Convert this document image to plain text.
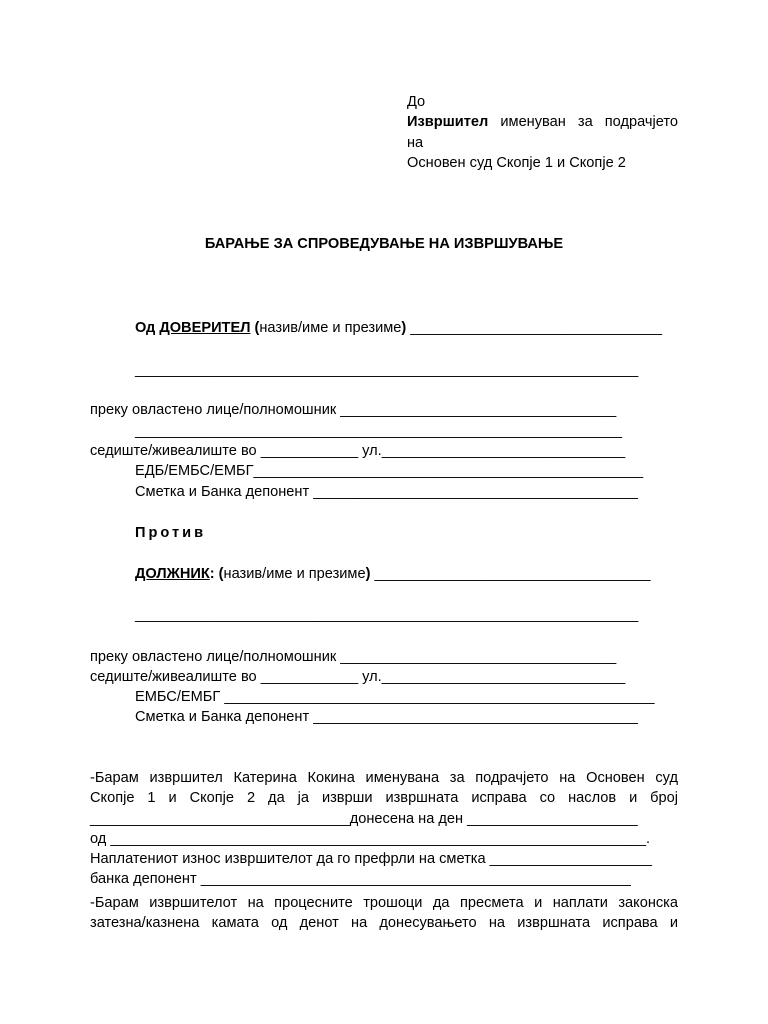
До
Извршител именуван за подрачјето
на
Основен суд Скопје 1 и Скопје 2
БАРАЊЕ ЗА СПРОВЕДУВАЊЕ НА ИЗВРШУВАЊЕ
Од ДОВЕРИТЕЛ (назив/име и презиме) _______________________________
______________________________________________________________
преку овластено лице/полномошник __________________________________
____________________________________________________________
седиште/живеалиште во ____________ ул.______________________________
ЕДБ/ЕМБС/ЕМБГ________________________________________________
Сметка и Банка депонент ________________________________________
Против
ДОЛЖНИК: (назив/име и презиме) __________________________________
______________________________________________________________
преку овластено лице/полномошник __________________________________
седиште/живеалиште во ____________ ул.______________________________
ЕМБС/ЕМБГ _____________________________________________________
Сметка и Банка депонент ________________________________________
-Барам извршител Катерина Кокина именувана за подрачјето на Основен суд
Скопје 1 и Скопје 2 да ја изврши извршната исправа со наслов и број
________________________________донесена на ден _____________________
од __________________________________________________________________.
Наплатениот износ извршителот да го префрли на сметка ____________________
банка депонент _____________________________________________________
-Барам извршителот на процесните трошоци да пресмета и наплати законска
затезна/казнена камата од денот на донесувањето на извршната исправа и
